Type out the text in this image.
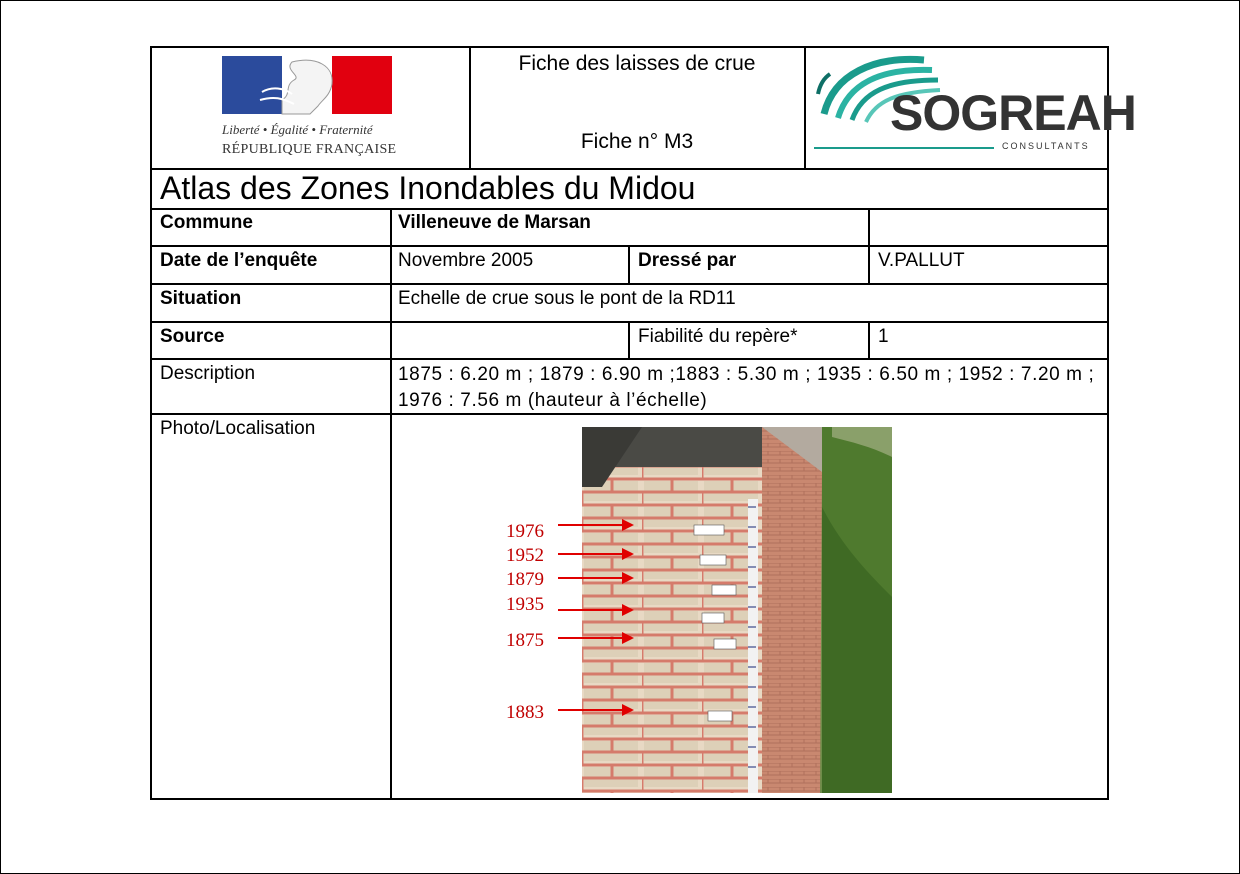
Liberté • Égalité • Fraternité
RÉPUBLIQUE FRANÇAISE
Fiche des laisses de crue
Fiche n° M3
SOGREAH
CONSULTANTS
Atlas des Zones Inondables du Midou
Commune	Villeneuve de Marsan
Date de l’enquête	Novembre 2005	Dressé par	V.PALLUT
Situation	Echelle de crue sous le pont de la RD11
Source	Fiabilité du repère*	1
Description	1875 : 6.20 m ; 1879 : 6.90 m ;1883 : 5.30 m ; 1935 : 6.50 m ; 1952 : 7.20 m ; 1976 : 7.56 m (hauteur à l’échelle)
Photo/Localisation
1976
1952
1879
1935
1875
1883
